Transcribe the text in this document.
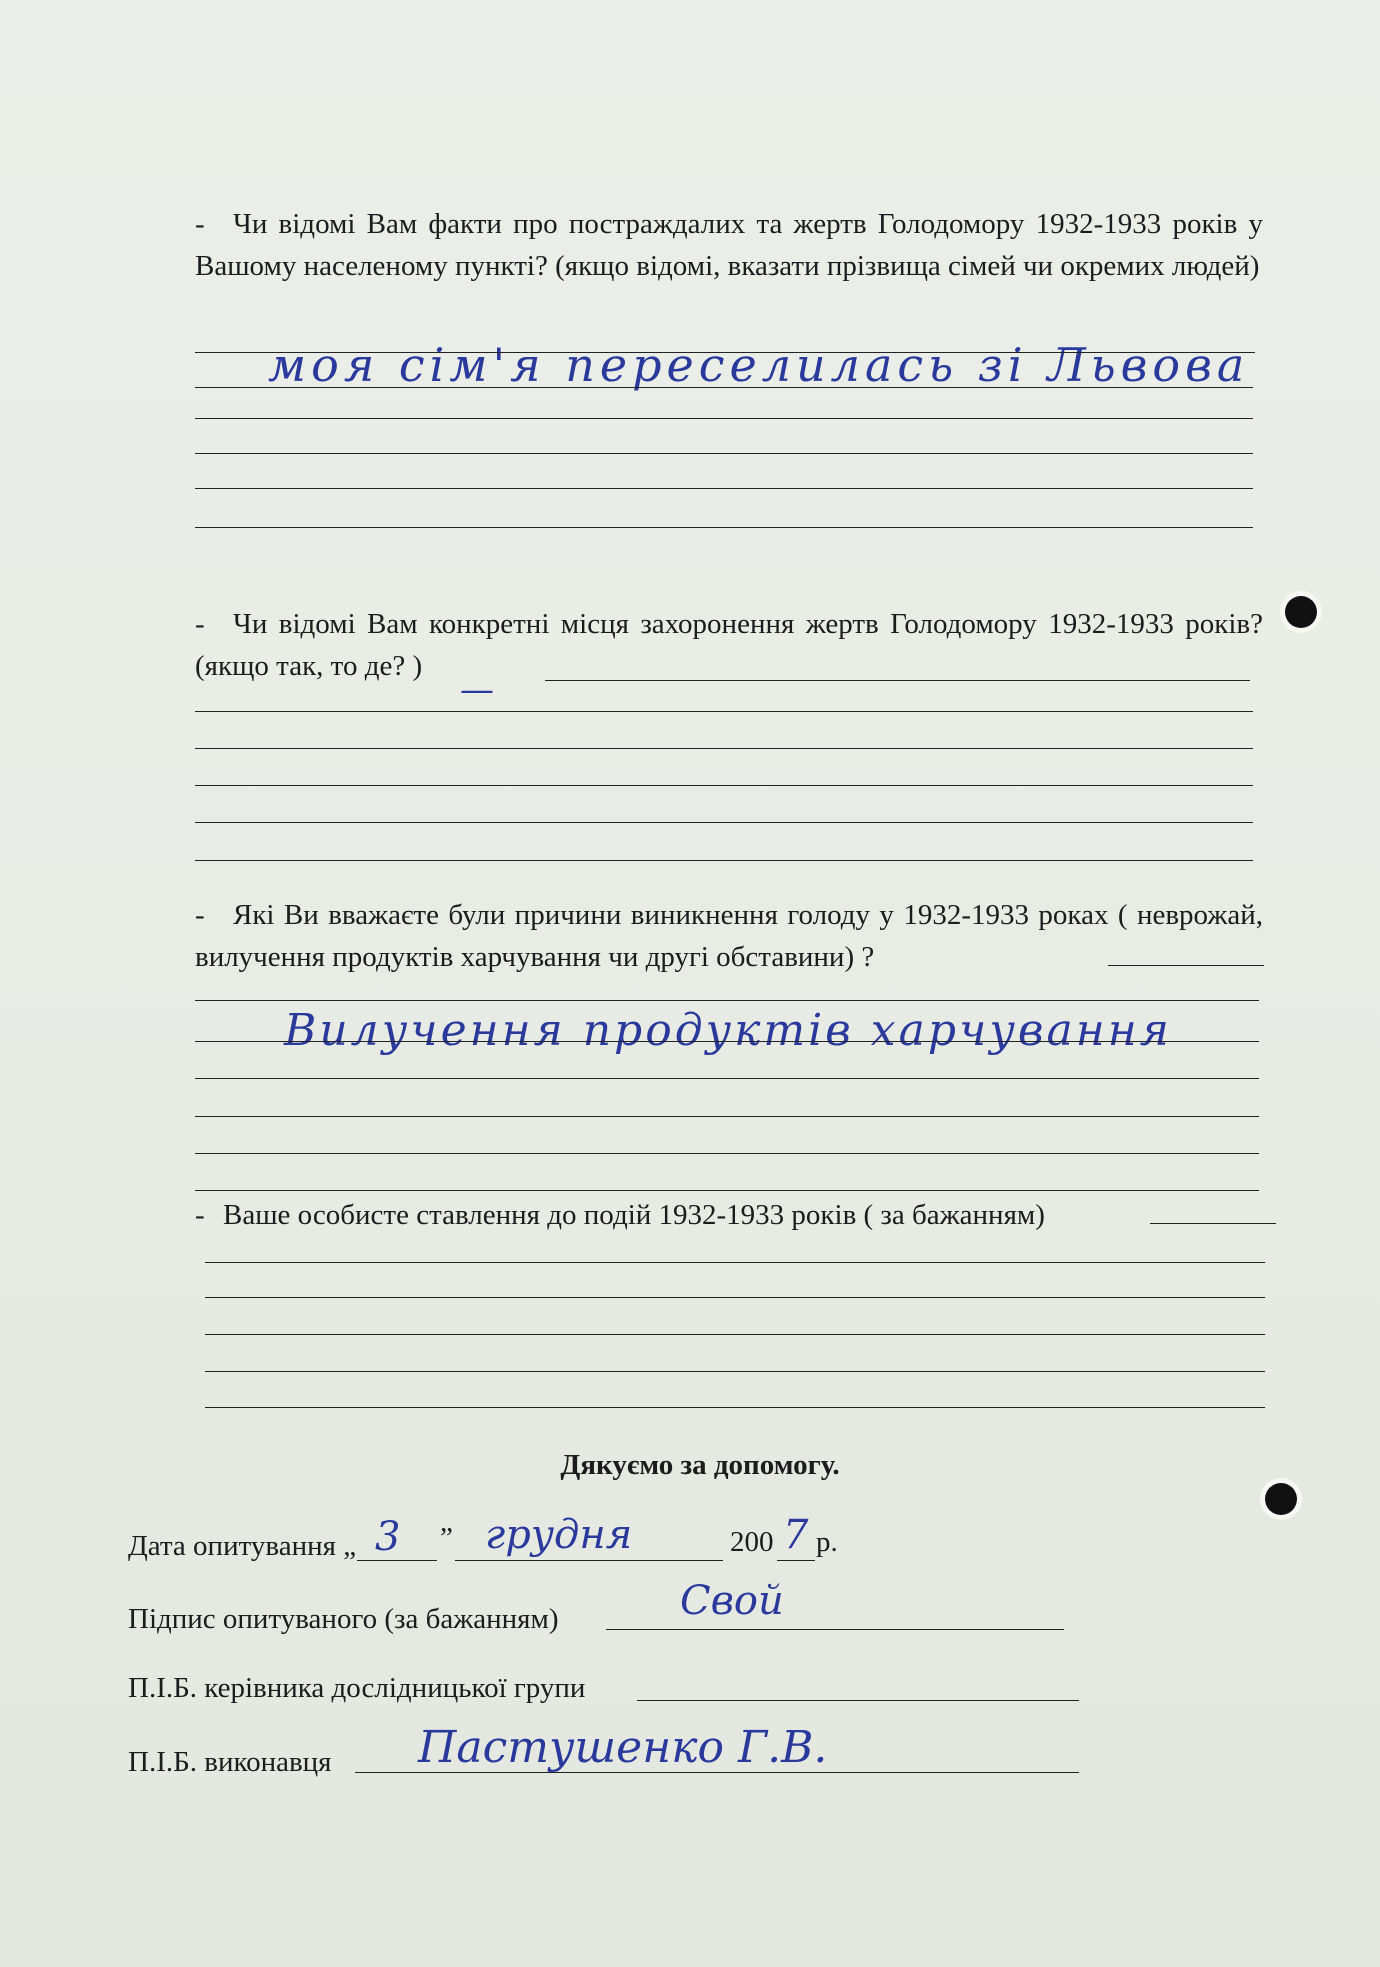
- Чи відомі Вам факти про постраждалих та жертв Голодомору 1932-1933 років у Вашому населеному пункті? (якщо відомі, вказати прізвища сімей чи окремих людей)
моя сім'я переселилась зі Львова
- Чи відомі Вам конкретні місця захоронення жертв Голодомору 1932-1933 років? (якщо так, то де? )
—
- Які Ви вважаєте були причини виникнення голоду у 1932-1933 роках ( неврожай, вилучення продуктів харчування чи другі обставини) ?
Вилучення продуктів харчування
- Ваше особисте ставлення до подій 1932-1933 років ( за бажанням)
Дякуємо за допомогу.
Дата опитування „ 3 ” грудня	200 7 р.
Підпис опитуваного (за бажанням)	Свой
П.І.Б. керівника дослідницької групи
П.І.Б. виконавця Пастушенко Г.В.
